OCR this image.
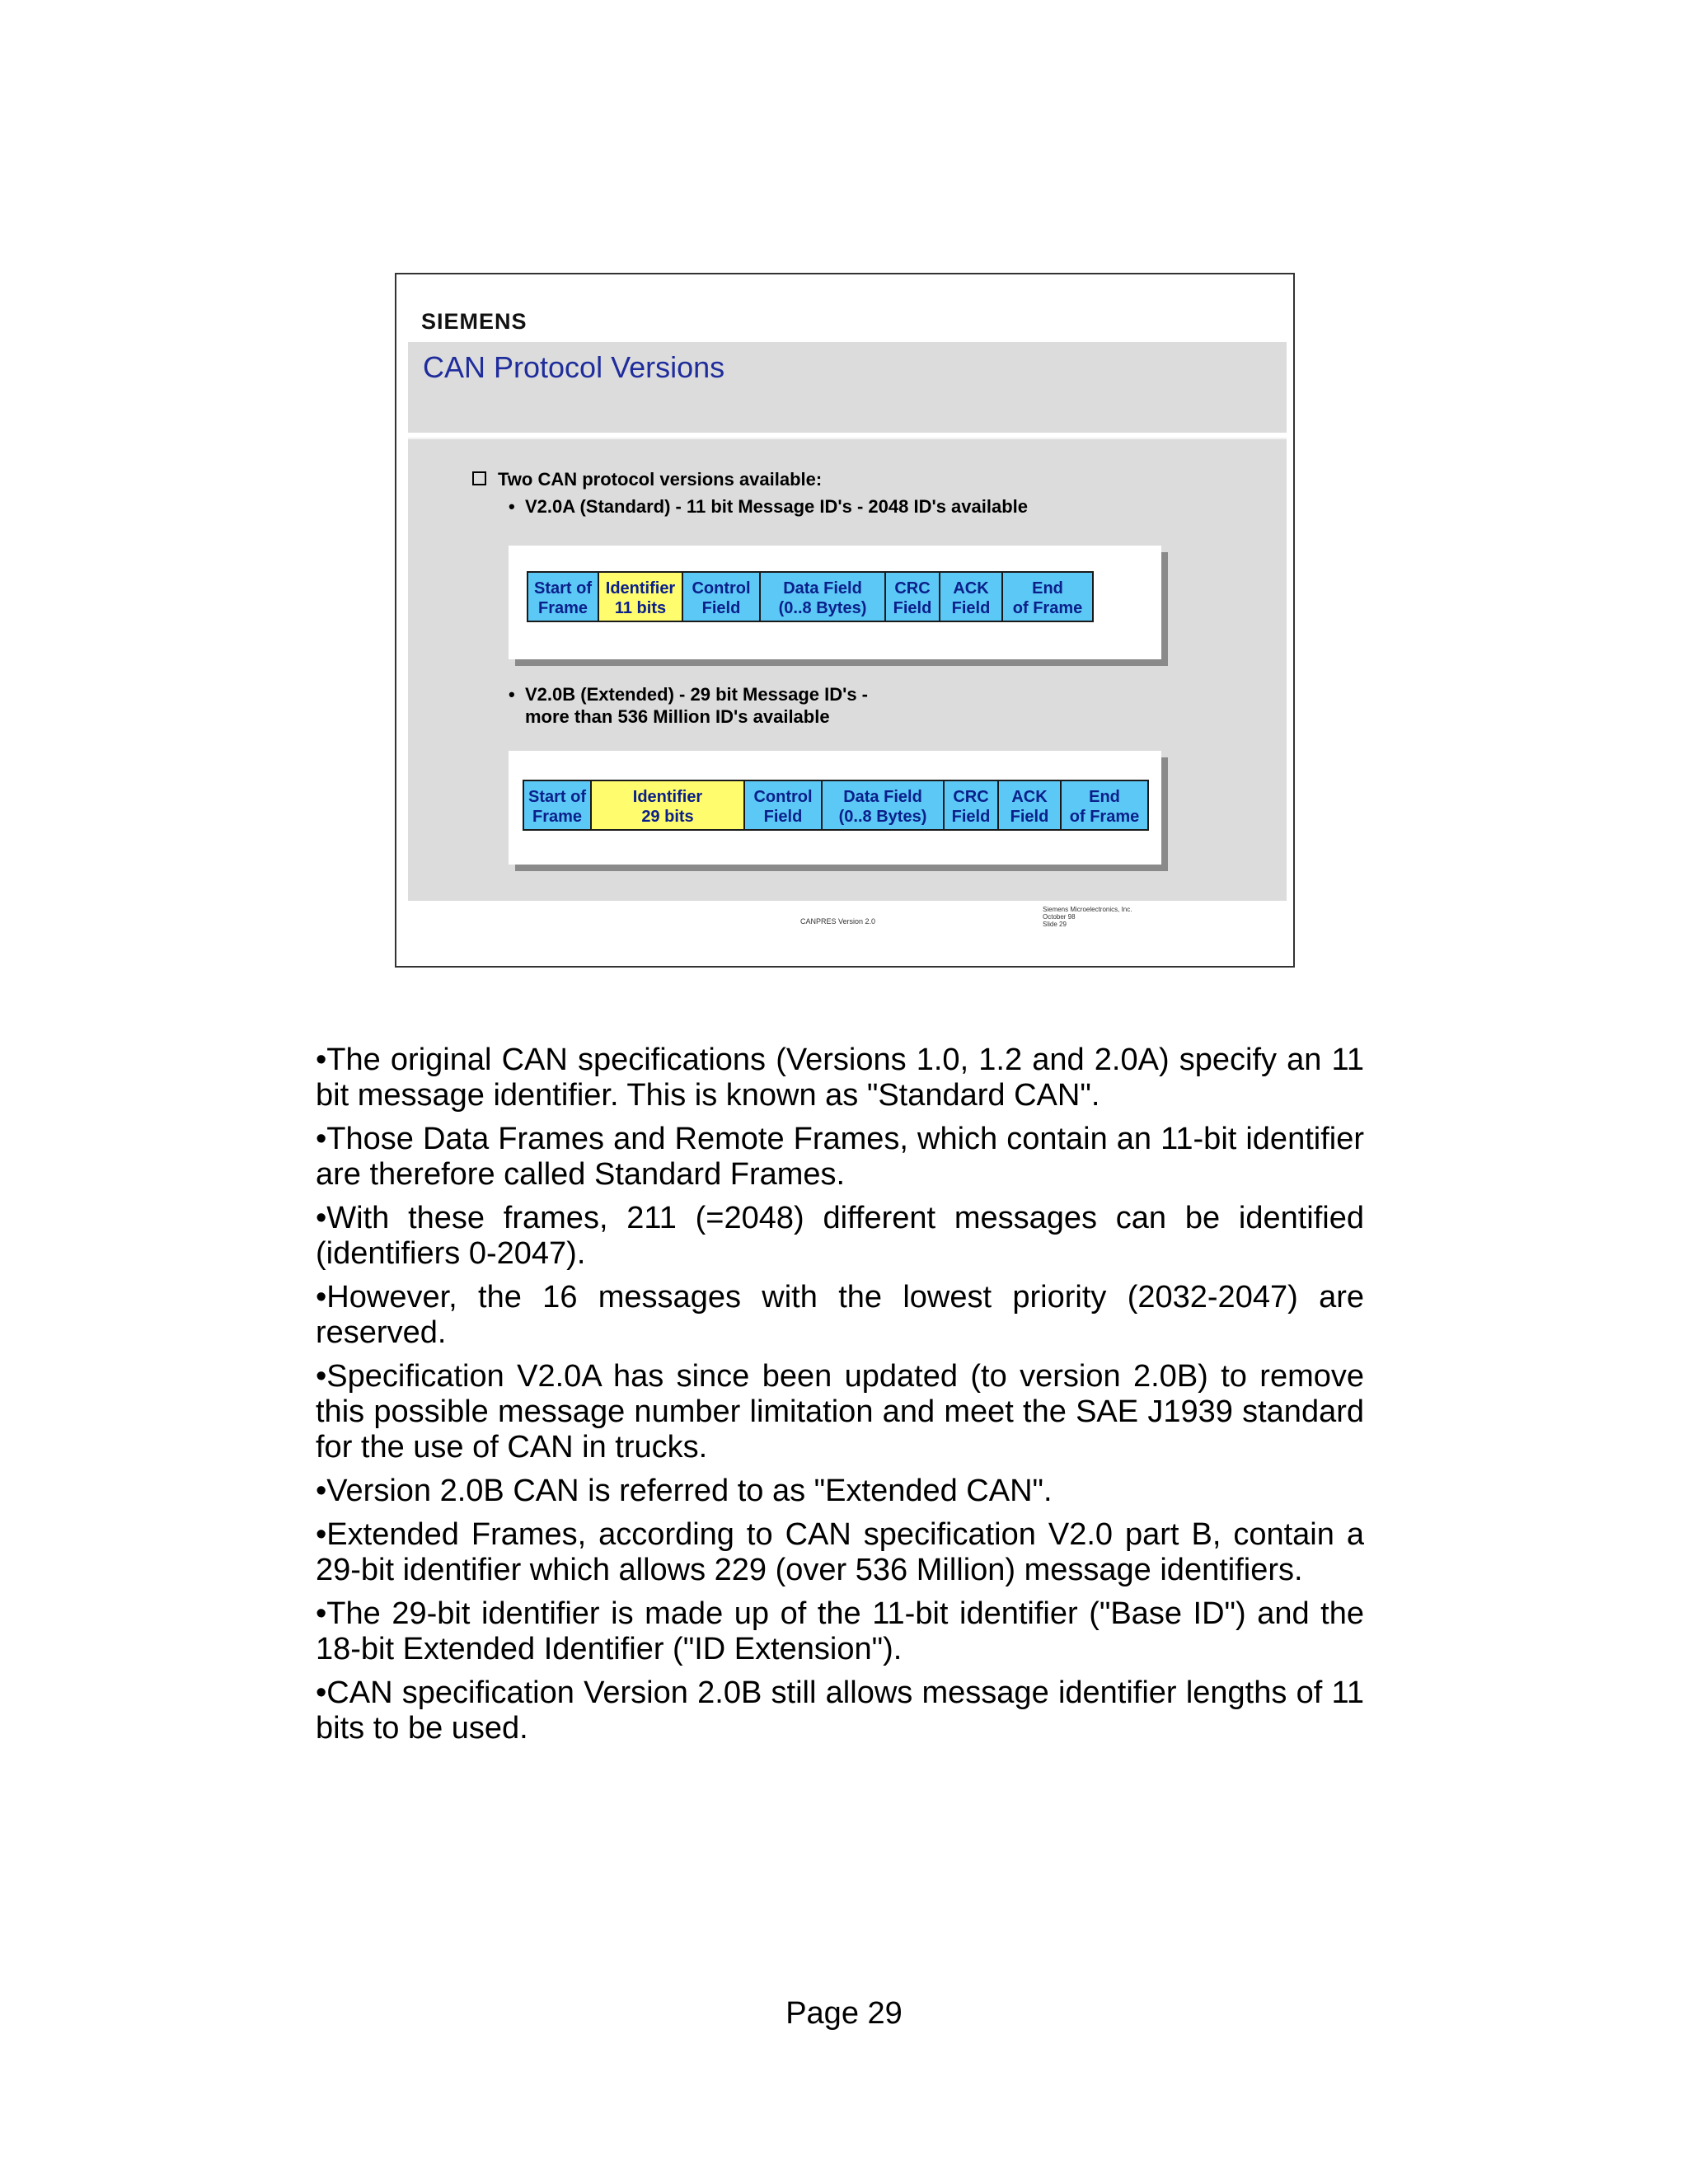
SIEMENS
CAN Protocol Versions
Two CAN protocol versions available:
• V2.0A (Standard) - 11 bit Message ID's - 2048 ID's available
Start of
Frame
Identifier
11 bits
Control
Field
Data Field
(0..8 Bytes)
CRC
Field
ACK
Field
End
of Frame
• V2.0B (Extended) - 29 bit Message ID's -
more than 536 Million ID's available
Start of
Frame
Identifier
29 bits
Control
Field
Data Field
(0..8 Bytes)
CRC
Field
ACK
Field
End
of Frame
CANPRES Version 2.0
Siemens Microelectronics, Inc.
October 98
Slide 29

•The original CAN specifications (Versions 1.0, 1.2 and 2.0A) specify an 11 bit message identifier. This is known as "Standard CAN".

•Those Data Frames and Remote Frames, which contain an 11-bit identifier are therefore called Standard Frames.

•With these frames, 211 (=2048) different messages can be identified (identifiers 0-2047).

•However, the 16 messages with the lowest priority (2032-2047) are reserved.

•Specification V2.0A has since been updated (to version 2.0B) to remove this possible message number limitation and meet the SAE J1939 standard for the use of CAN in trucks.

•Version 2.0B CAN is referred to as "Extended CAN".

•Extended Frames, according to CAN specification V2.0 part B, contain a 29-bit identifier which allows 229 (over 536 Million) message identifiers.

•The 29-bit identifier is made up of the 11-bit identifier ("Base ID") and the 18-bit Extended Identifier ("ID Extension").

•CAN specification Version 2.0B still allows message identifier lengths of 11 bits to be used.

Page 29
